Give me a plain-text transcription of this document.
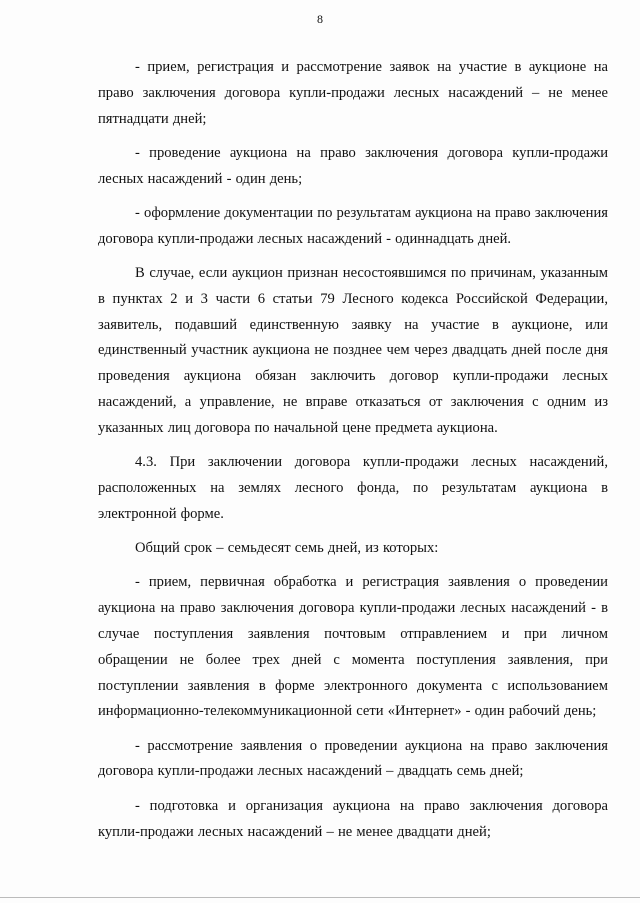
8

- прием, регистрация и рассмотрение заявок на участие в аукционе на право заключения договора купли-продажи лесных насаждений – не менее пятнадцати дней;

- проведение аукциона на право заключения договора купли-продажи лесных насаждений - один день;

- оформление документации по результатам аукциона на право заключения договора купли-продажи лесных насаждений - одиннадцать дней.

В случае, если аукцион признан несостоявшимся по причинам, указанным в пунктах 2 и 3 части 6 статьи 79 Лесного кодекса Российской Федерации, заявитель, подавший единственную заявку на участие в аукционе, или единственный участник аукциона не позднее чем через двадцать дней после дня проведения аукциона обязан заключить договор купли-продажи лесных насаждений, а управление, не вправе отказаться от заключения с одним из указанных лиц договора по начальной цене предмета аукциона.

4.3. При заключении договора купли-продажи лесных насаждений, расположенных на землях лесного фонда, по результатам аукциона в электронной форме.

Общий срок – семьдесят семь дней, из которых:

- прием, первичная обработка и регистрация заявления о проведении аукциона на право заключения договора купли-продажи лесных насаждений - в случае поступления заявления почтовым отправлением и при личном обращении не более трех дней с момента поступления заявления, при поступлении заявления в форме электронного документа с использованием информационно-телекоммуникационной сети «Интернет» - один рабочий день;

- рассмотрение заявления о проведении аукциона на право заключения договора купли-продажи лесных насаждений – двадцать семь дней;

- подготовка и организация аукциона на право заключения договора купли-продажи лесных насаждений – не менее двадцати дней;
